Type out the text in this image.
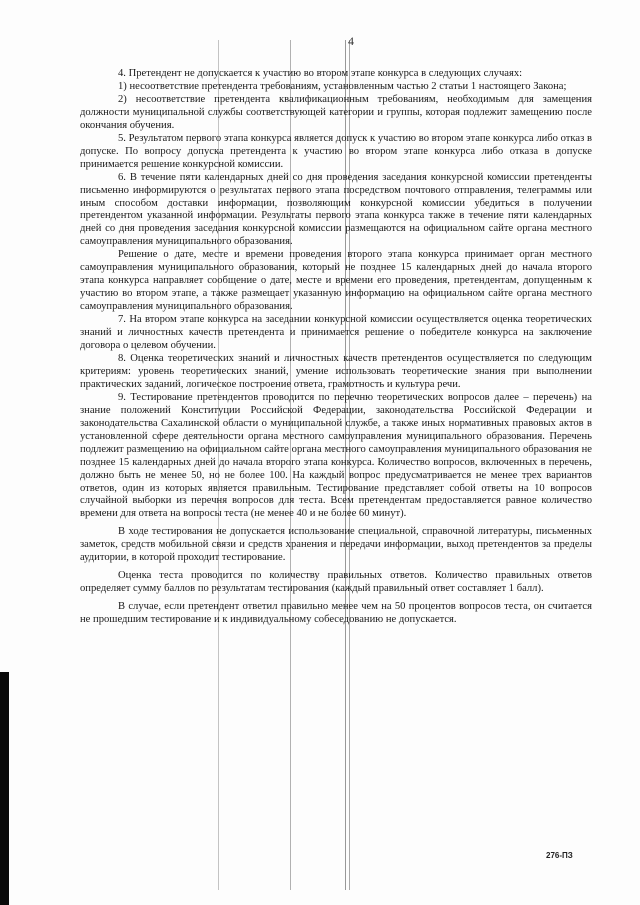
4

4. Претендент не допускается к участию во втором этапе конкурса в следующих случаях:

1) несоответствие претендента требованиям, установленным частью 2 статьи 1 настоящего Закона;

2) несоответствие претендента квалификационным требованиям, необходимым для замещения должности муниципальной службы соответствующей категории и группы, которая подлежит замещению после окончания обучения.

5. Результатом первого этапа конкурса является допуск к участию во втором этапе конкурса либо отказ в допуске. По вопросу допуска претендента к участию во втором этапе конкурса либо отказа в допуске принимается решение конкурсной комиссии.

6. В течение пяти календарных дней со дня проведения заседания конкурсной комиссии претенденты письменно информируются о результатах первого этапа посредством почтового отправления, телеграммы или иным способом доставки информации, позволяющим конкурсной комиссии убедиться в получении претендентом указанной информации. Результаты первого этапа конкурса также в течение пяти календарных дней со дня проведения заседания конкурсной комиссии размещаются на официальном сайте органа местного самоуправления муниципального образования.

Решение о дате, месте и времени проведения второго этапа конкурса принимает орган местного самоуправления муниципального образования, который не позднее 15 календарных дней до начала второго этапа конкурса направляет сообщение о дате, месте и времени его проведения, претендентам, допущенным к участию во втором этапе, а также размещает указанную информацию на официальном сайте органа местного самоуправления муниципального образования.

7. На втором этапе конкурса на заседании конкурсной комиссии осуществляется оценка теоретических знаний и личностных качеств претендента и принимается решение о победителе конкурса на заключение договора о целевом обучении.

8. Оценка теоретических знаний и личностных качеств претендентов осуществляется по следующим критериям: уровень теоретических знаний, умение использовать теоретические знания при выполнении практических заданий, логическое построение ответа, грамотность и культура речи.

9. Тестирование претендентов проводится по перечню теоретических вопросов далее – перечень) на знание положений Конституции Российской Федерации, законодательства Российской Федерации и законодательства Сахалинской области о муниципальной службе, а также иных нормативных правовых актов в установленной сфере деятельности органа местного самоуправления муниципального образования. Перечень подлежит размещению на официальном сайте органа местного самоуправления муниципального образования не позднее 15 календарных дней до начала второго этапа конкурса. Количество вопросов, включенных в перечень, должно быть не менее 50, но не более 100. На каждый вопрос предусматривается не менее трех вариантов ответов, один из которых является правильным. Тестирование представляет собой ответы на 10 вопросов случайной выборки из перечня вопросов для теста. Всем претендентам предоставляется равное количество времени для ответа на вопросы теста (не менее 40 и не более 60 минут).

В ходе тестирования не допускается использование специальной, справочной литературы, письменных заметок, средств мобильной связи и средств хранения и передачи информации, выход претендентов за пределы аудитории, в которой проходит тестирование.

Оценка теста проводится по количеству правильных ответов. Количество правильных ответов определяет сумму баллов по результатам тестирования (каждый правильный ответ составляет 1 балл).

В случае, если претендент ответил правильно менее чем на 50 процентов вопросов теста, он считается не прошедшим тестирование и к индивидуальному собеседованию не допускается.

276-ПЗ
